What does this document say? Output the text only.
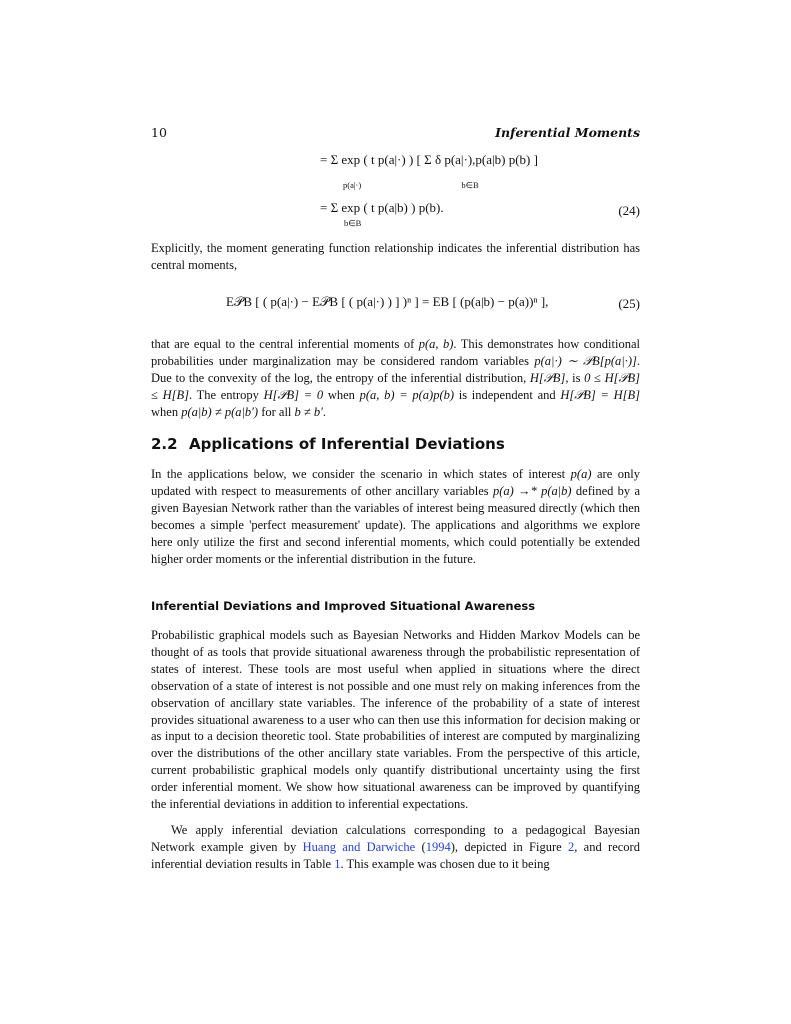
10	Inferential Moments
= Σ exp ( t p(a|·) ) [ Σ δ p(a|·),p(a|b) p(b) ]
p(a|·)	b∈B
= Σ exp ( t p(a|b) ) p(b).
b∈B
(24)

Explicitly, the moment generating function relationship indicates the inferential distribution has central moments,

E𝒫B [ ( p(a|·) − E𝒫B [ ( p(a|·) ) ] )ⁿ ] = EB [ (p(a|b) − p(a))ⁿ ],	(25)

that are equal to the central inferential moments of p(a, b). This demonstrates how conditional probabilities under marginalization may be considered random variables p(a|·) ∼ 𝒫B[p(a|·)]. Due to the convexity of the log, the entropy of the inferential distribution, H[𝒫B], is 0 ≤ H[𝒫B] ≤ H[B]. The entropy H[𝒫B] = 0 when p(a, b) = p(a)p(b) is independent and H[𝒫B] = H[B] when p(a|b) ≠ p(a|b′) for all b ≠ b′.

2.2 Applications of Inferential Deviations

In the applications below, we consider the scenario in which states of interest p(a) are only updated with respect to measurements of other ancillary variables p(a) →* p(a|b) defined by a given Bayesian Network rather than the variables of interest being measured directly (which then becomes a simple 'perfect measurement' update). The applications and algorithms we explore here only utilize the first and second inferential moments, which could potentially be extended higher order moments or the inferential distribution in the future.

Inferential Deviations and Improved Situational Awareness

Probabilistic graphical models such as Bayesian Networks and Hidden Markov Models can be thought of as tools that provide situational awareness through the probabilistic representation of states of interest. These tools are most useful when applied in situations where the direct observation of a state of interest is not possible and one must rely on making inferences from the observation of ancillary state variables. The inference of the probability of a state of interest provides situational awareness to a user who can then use this information for decision making or as input to a decision theoretic tool. State probabilities of interest are computed by marginalizing over the distributions of the other ancillary state variables. From the perspective of this article, current probabilistic graphical models only quantify distributional uncertainty using the first order inferential moment. We show how situational awareness can be improved by quantifying the inferential deviations in addition to inferential expectations.

We apply inferential deviation calculations corresponding to a pedagogical Bayesian Network example given by Huang and Darwiche (1994), depicted in Figure 2, and record inferential deviation results in Table 1. This example was chosen due to it being
